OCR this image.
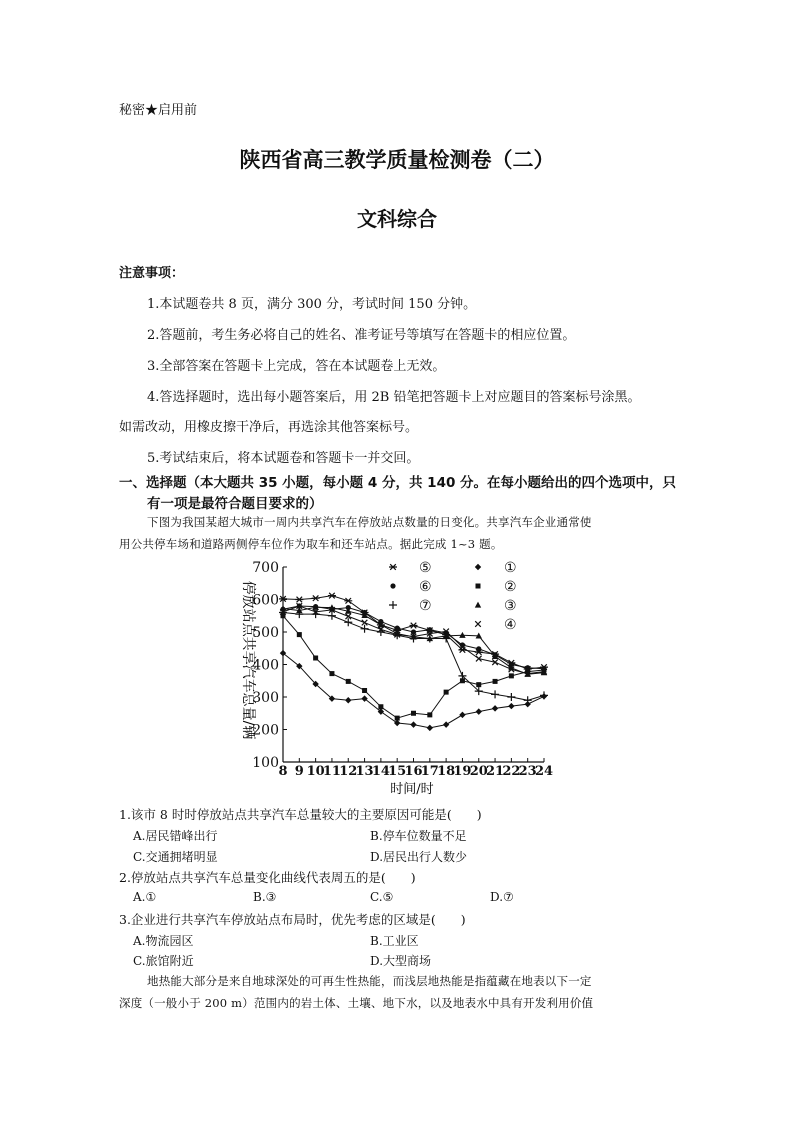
秘密★启用前
陕西省高三教学质量检测卷（二）
文科综合
注意事项：
1.本试题卷共 8 页，满分 300 分，考试时间 150 分钟。
2.答题前，考生务必将自己的姓名、准考证号等填写在答题卡的相应位置。
3.全部答案在答题卡上完成，答在本试题卷上无效。
4.答选择题时，选出每小题答案后，用 2B 铅笔把答题卡上对应题目的答案标号涂黑。
如需改动，用橡皮擦干净后，再选涂其他答案标号。
5.考试结束后，将本试题卷和答题卡一并交回。
一、选择题（本大题共 35 小题，每小题 4 分，共 140 分。在每小题给出的四个选项中，只
有一项是最符合题目要求的）
下图为我国某超大城市一周内共享汽车在停放站点数量的日变化。共享汽车企业通常使
用公共停车场和道路两侧停车位作为取车和还车站点。据此完成 1~3 题。
100
200
300
400
500
600
700
8 9 10
11
12
13
14
15
16
17
18
19
20
21
22
23
24
⑤
⑥
⑦
①
②
③
④
停放站点共享汽车总量/辆
时间/时
1.该市 8 时时停放站点共享汽车总量较大的主要原因可能是(　　)
A.居民错峰出行	B.停车位数量不足
C.交通拥堵明显	D.居民出行人数少
2.停放站点共享汽车总量变化曲线代表周五的是(　　)
A.①	B.③	C.⑤	D.⑦
3.企业进行共享汽车停放站点布局时，优先考虑的区域是(　　)
A.物流园区	B.工业区
C.旅馆附近	D.大型商场
地热能大部分是来自地球深处的可再生性热能，而浅层地热能是指蕴藏在地表以下一定
深度（一般小于 200 m）范围内的岩土体、土壤、地下水，以及地表水中具有开发利用价值
